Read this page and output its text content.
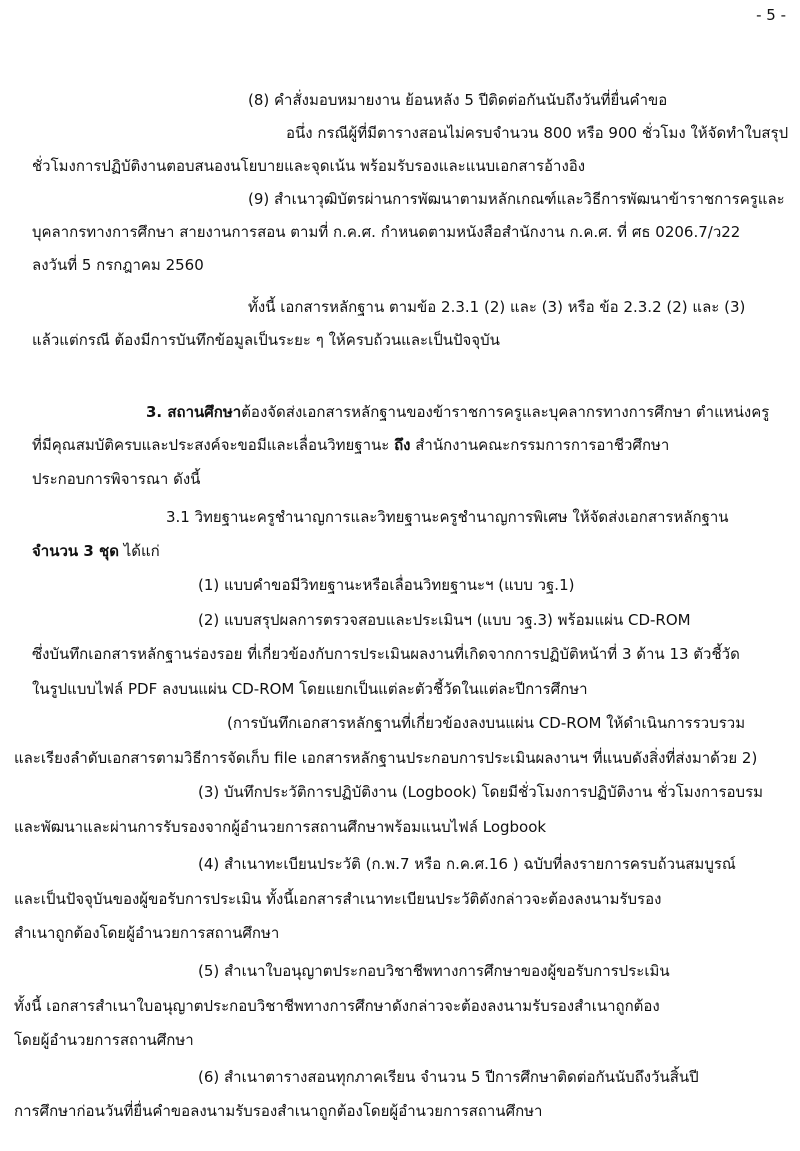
- 5 -
(8) คำสั่งมอบหมายงาน ย้อนหลัง 5 ปีติดต่อกันนับถึงวันที่ยื่นคำขอ
อนึ่ง กรณีผู้ที่มีตารางสอนไม่ครบจำนวน 800 หรือ 900 ชั่วโมง ให้จัดทำใบสรุป
ชั่วโมงการปฏิบัติงานตอบสนองนโยบายและจุดเน้น พร้อมรับรองและแนบเอกสารอ้างอิง
(9) สำเนาวุฒิบัตรผ่านการพัฒนาตามหลักเกณฑ์และวิธีการพัฒนาข้าราชการครูและ
บุคลากรทางการศึกษา สายงานการสอน ตามที่ ก.ค.ศ. กำหนดตามหนังสือสำนักงาน ก.ค.ศ. ที่ ศธ 0206.7/ว22
ลงวันที่ 5 กรกฎาคม 2560
ทั้งนี้ เอกสารหลักฐาน ตามข้อ 2.3.1 (2) และ (3) หรือ ข้อ 2.3.2 (2) และ (3)
แล้วแต่กรณี ต้องมีการบันทึกข้อมูลเป็นระยะ ๆ ให้ครบถ้วนและเป็นปัจจุบัน
3. สถานศึกษาต้องจัดส่งเอกสารหลักฐานของข้าราชการครูและบุคลากรทางการศึกษา ตำแหน่งครู
ที่มีคุณสมบัติครบและประสงค์จะขอมีและเลื่อนวิทยฐานะ ถึง สำนักงานคณะกรรมการการอาชีวศึกษา
ประกอบการพิจารณา ดังนี้
3.1 วิทยฐานะครูชำนาญการและวิทยฐานะครูชำนาญการพิเศษ ให้จัดส่งเอกสารหลักฐาน
จำนวน 3 ชุด ได้แก่
(1) แบบคำขอมีวิทยฐานะหรือเลื่อนวิทยฐานะฯ (แบบ วฐ.1)
(2) แบบสรุปผลการตรวจสอบและประเมินฯ (แบบ วฐ.3) พร้อมแผ่น CD-ROM
ซึ่งบันทึกเอกสารหลักฐานร่องรอย ที่เกี่ยวข้องกับการประเมินผลงานที่เกิดจากการปฏิบัติหน้าที่ 3 ด้าน 13 ตัวชี้วัด
ในรูปแบบไฟล์ PDF ลงบนแผ่น CD-ROM โดยแยกเป็นแต่ละตัวชี้วัดในแต่ละปีการศึกษา
(การบันทึกเอกสารหลักฐานที่เกี่ยวข้องลงบนแผ่น CD-ROM ให้ดำเนินการรวบรวม
และเรียงลำดับเอกสารตามวิธีการจัดเก็บ file เอกสารหลักฐานประกอบการประเมินผลงานฯ ที่แนบดังสิ่งที่ส่งมาด้วย 2)
(3) บันทึกประวัติการปฏิบัติงาน (Logbook) โดยมีชั่วโมงการปฏิบัติงาน ชั่วโมงการอบรม
และพัฒนาและผ่านการรับรองจากผู้อำนวยการสถานศึกษาพร้อมแนบไฟล์ Logbook
(4) สำเนาทะเบียนประวัติ (ก.พ.7 หรือ ก.ค.ศ.16 ) ฉบับที่ลงรายการครบถ้วนสมบูรณ์
และเป็นปัจจุบันของผู้ขอรับการประเมิน ทั้งนี้เอกสารสำเนาทะเบียนประวัติดังกล่าวจะต้องลงนามรับรอง
สำเนาถูกต้องโดยผู้อำนวยการสถานศึกษา
(5) สำเนาใบอนุญาตประกอบวิชาชีพทางการศึกษาของผู้ขอรับการประเมิน
ทั้งนี้ เอกสารสำเนาใบอนุญาตประกอบวิชาชีพทางการศึกษาดังกล่าวจะต้องลงนามรับรองสำเนาถูกต้อง
โดยผู้อำนวยการสถานศึกษา
(6) สำเนาตารางสอนทุกภาคเรียน จำนวน 5 ปีการศึกษาติดต่อกันนับถึงวันสิ้นปี
การศึกษาก่อนวันที่ยื่นคำขอลงนามรับรองสำเนาถูกต้องโดยผู้อำนวยการสถานศึกษา
